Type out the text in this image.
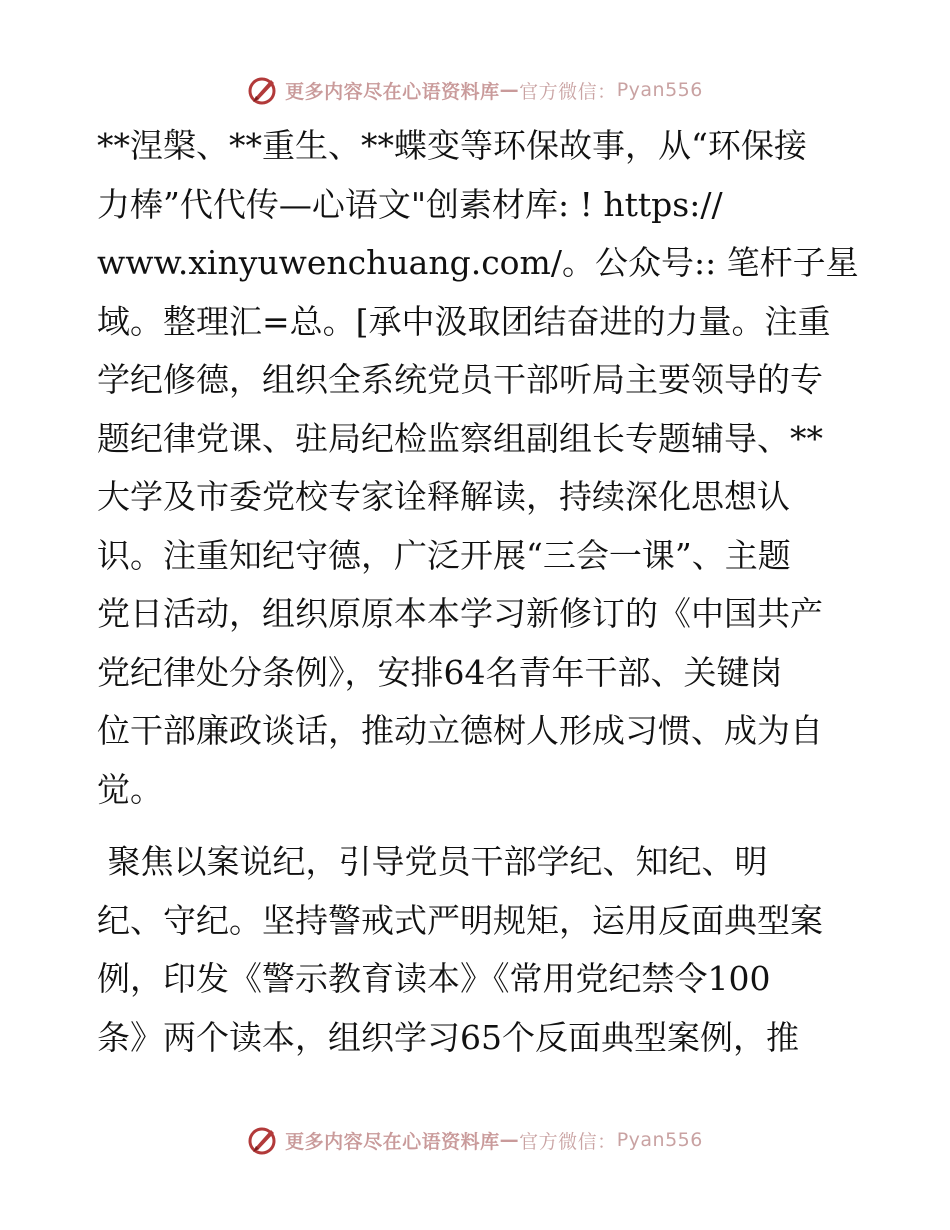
更多内容尽在心语资料库 — 官方微信： Pyan556
**涅槃、**重生、**蝶变等环保故事，从“环保接
力棒”代代传—心语文"创素材库: ! https://
www.xinyuwenchuang.com/。公众号:: 笔杆子星
域。整理汇=总。[承中汲取团结奋进的力量。注重
学纪修德，组织全系统党员干部听局主要领导的专
题纪律党课、驻局纪检监察组副组长专题辅导、**
大学及市委党校专家诠释解读，持续深化思想认
识。注重知纪守德，广泛开展“三会一课”、主题
党日活动，组织原原本本学习新修订的《中国共产
党纪律处分条例》，安排64名青年干部、关键岗
位干部廉政谈话，推动立德树人形成习惯、成为自
觉。
聚焦以案说纪，引导党员干部学纪、知纪、明
纪、守纪。坚持警戒式严明规矩，运用反面典型案
例，印发《警示教育读本》《常用党纪禁令100
条》两个读本，组织学习65个反面典型案例，推
更多内容尽在心语资料库 — 官方微信： Pyan556
